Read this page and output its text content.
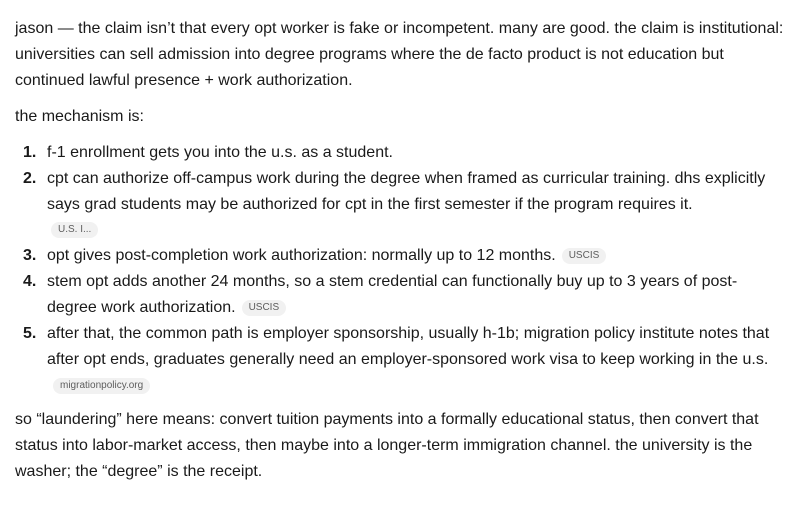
jason — the claim isn’t that every opt worker is fake or incompetent. many are good. the claim is institutional: universities can sell admission into degree programs where the de facto product is not education but continued lawful presence + work authorization.

the mechanism is:

1. f-1 enrollment gets you into the u.s. as a student.
2. cpt can authorize off-campus work during the degree when framed as curricular training. dhs explicitly says grad students may be authorized for cpt in the first semester if the program requires it.
U.S. I...
3. opt gives post-completion work authorization: normally up to 12 months. USCIS
4. stem opt adds another 24 months, so a stem credential can functionally buy up to 3 years of post-degree work authorization. USCIS
5. after that, the common path is employer sponsorship, usually h-1b; migration policy institute notes that after opt ends, graduates generally need an employer-sponsored work visa to keep working in the u.s.migrationpolicy.org

so “laundering” here means: convert tuition payments into a formally educational status, then convert that status into labor-market access, then maybe into a longer-term immigration channel. the university is the washer; the “degree” is the receipt.
